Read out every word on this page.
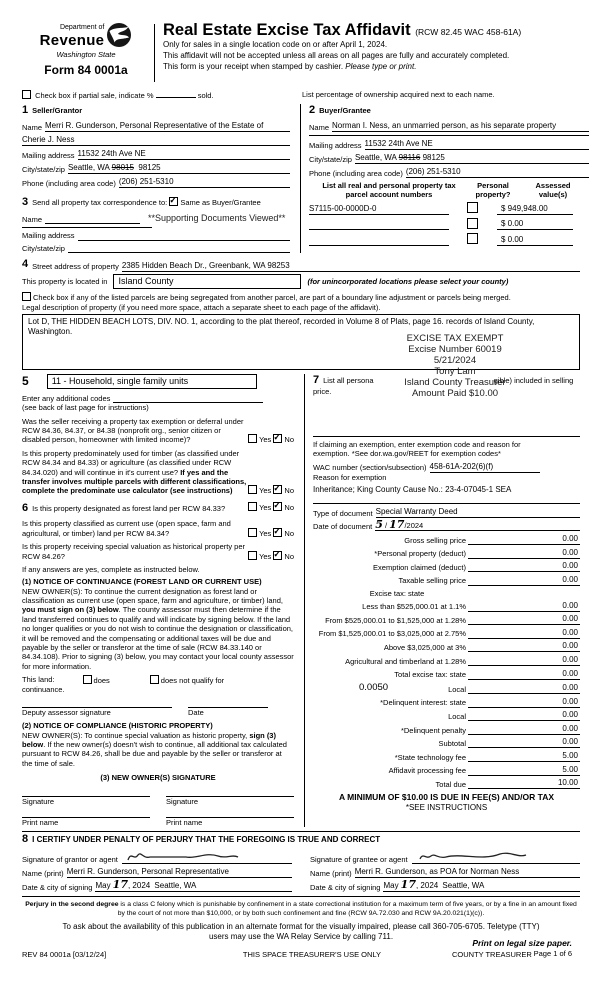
Department of
Revenue
Washington State
Form 84 0001a
Real Estate Excise Tax Affidavit (RCW 82.45 WAC 458-61A)
Only for sales in a single location code on or after April 1, 2024.
This affidavit will not be accepted unless all areas on all pages are fully and accurately completed.
This form is your receipt when stamped by cashier. Please type or print.
Check box if partial sale, indicate %	sold.	List percentage of ownership acquired next to each name.
1 Seller/Grantor
Name Merri R. Gunderson, Personal Representative of the Estate of
Cherie J. Ness
Mailing address 11532 24th Ave NE
City/state/zip Seattle, WA 98015 98125
Phone (including area code) (206) 251-5310
3 Send all property tax correspondence to: ✓ Same as Buyer/Grantee
Name	**Supporting Documents Viewed**
Mailing address
City/state/zip
2 Buyer/Grantee
Name Norman I. Ness, an unmarried person, as his separate property
Mailing address 11532 24th Ave NE
City/state/zip Seattle, WA 98116 98125
Phone (including area code) (206) 251-5310
List all real and personal property tax
parcel account numbers
Personal
property?
Assessed
value(s)
S7115-00-0000D-0	$ 949,948.00
$ 0.00
$ 0.00
4 Street address of property 2385 Hidden Beach Dr., Greenbank, WA 98253
This property is located in	Island County	(for unincorporated locations please select your county)
Check box if any of the listed parcels are being segregated from another parcel, are part of a boundary line adjustment or parcels being merged.
Legal description of property (if you need more space, attach a separate sheet to each page of the affidavit).
Lot D, THE HIDDEN BEACH LOTS, DIV. NO. 1, according to the plat thereof, recorded in Volume 8 of Plats, page 16. records of Island County,
Washington.
EXCISE TAX EXEMPT
Excise Number 60019
5/21/2024
Tony Lam
Island County Treasurer
Amount Paid $10.00
5	11 - Household, single family units
Enter any additional codes
(see back of last page for instructions)
Was the seller receiving a property tax exemption or deferral under RCW 84.36, 84.37, or 84.38 (nonprofit org., senior citizen or disabled person, homeowner with limited income)?	Yes ✓ No
Is this property predominately used for timber (as classified under RCW 84.34 and 84.33) or agriculture (as classified under RCW 84.34.020) and will continue in it's current use? If yes and the transfer involves multiple parcels with different classifications, complete the predominate use calculator (see instructions)	Yes ✓ No
6 Is this property designated as forest land per RCW 84.33?	Yes ✓ No
Is this property classified as current use (open space, farm and agricultural, or timber) land per RCW 84.34?	Yes ✓ No
Is this property receiving special valuation as historical property per RCW 84.26?	Yes ✓ No
If any answers are yes, complete as instructed below.
(1) NOTICE OF CONTINUANCE (FOREST LAND OR CURRENT USE)
NEW OWNER(S): To continue the current designation as forest land or classification as current use (open space, farm and agriculture, or timber) land, you must sign on (3) below. The county assessor must then determine if the land transferred continues to qualify and will indicate by signing below. If the land no longer qualifies or you do not wish to continue the designation or classification, it will be removed and the compensating or additional taxes will be due and payable by the seller or transferor at the time of sale (RCW 84.33.140 or 84.34.108). Prior to signing (3) below, you may contact your local county assessor for more information.
This land:	does	does not qualify for
continuance.
Deputy assessor signature	Date
(2) NOTICE OF COMPLIANCE (HISTORIC PROPERTY)
NEW OWNER(S): To continue special valuation as historic property, sign (3) below. If the new owner(s) doesn't wish to continue, all additional tax calculated pursuant to RCW 84.26, shall be due and payable by the seller or transferor at the time of sale.
(3) NEW OWNER(S) SIGNATURE
Signature	Signature
Print name	Print name
7 List all persona	gible) included in selling
price.
If claiming an exemption, enter exemption code and reason for
exemption. *See dor.wa.gov/REET for exemption codes*
WAC number (section/subsection) 458-61A-202(6)(f)
Reason for exemption
Inheritance; King County Cause No.: 23-4-07045-1 SEA
Type of document Special Warranty Deed
Date of document 5 / 17/2024
Gross selling price	0.00
*Personal property (deduct)	0.00
Exemption claimed (deduct)	0.00
Taxable selling price	0.00
Excise tax: state
Less than $525,000.01 at 1.1%	0.00
From $525,000.01 to $1,525,000 at 1.28%	0.00
From $1,525,000.01 to $3,025,000 at 2.75%	0.00
Above $3,025,000 at 3%	0.00
Agricultural and timberland at 1.28%	0.00
Total excise tax: state	0.00
0.0050	Local	0.00
*Delinquent interest: state	0.00
Local	0.00
*Delinquent penalty	0.00
Subtotal	0.00
*State technology fee	5.00
Affidavit processing fee	5.00
Total due	10.00
A MINIMUM OF $10.00 IS DUE IN FEE(S) AND/OR TAX
*SEE INSTRUCTIONS
8 I CERTIFY UNDER PENALTY OF PERJURY THAT THE FOREGOING IS TRUE AND CORRECT
Signature of grantor or agent
Name (print) Merri R. Gunderson, Personal Representative
Date & city of signing May 17, 2024 Seattle, WA
Signature of grantee or agent
Name (print) Merri R. Gunderson, as POA for Norman Ness
Date & city of signing May 17, 2024 Seattle, WA
Perjury in the second degree is a class C felony which is punishable by confinement in a state correctional institution for a maximum term of five years, or by a fine in an amount fixed by the court of not more than $10,000, or by both such confinement and fine (RCW 9A.72.030 and RCW 9A.20.021(1)(c)).
To ask about the availability of this publication in an alternate format for the visually impaired, please call 360-705-6705. Teletype (TTY) users may use the WA Relay Service by calling 711.
REV 84 0001a [03/12/24]	THIS SPACE TREASURER'S USE ONLY	COUNTY TREASURER
Print on legal size paper.
Page 1 of 6
